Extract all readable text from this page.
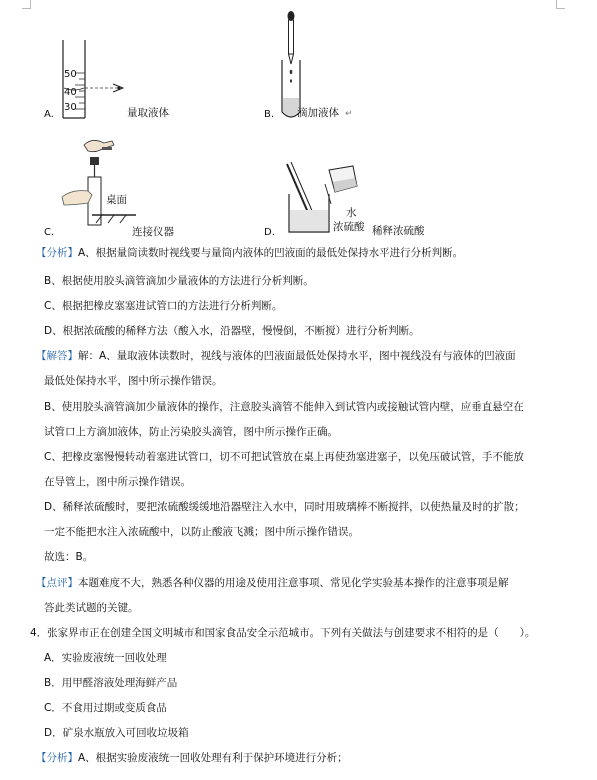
50
40
30
A.	量取液体	B. 滴加液体 ↵
桌面
C.	连接仪器
水
浓硫酸
D.	稀释浓硫酸
【分析】A、根据量筒读数时视线要与量筒内液体的凹液面的最低处保持水平进行分析判断。
B、根据使用胶头滴管滴加少量液体的方法进行分析判断。
C、根据把橡皮塞塞进试管口的方法进行分析判断。
D、根据浓硫酸的稀释方法（酸入水，沿器壁，慢慢倒，不断搅）进行分析判断。
【解答】解：A、量取液体读数时，视线与液体的凹液面最低处保持水平，图中视线没有与液体的凹液面
最低处保持水平，图中所示操作错误。
B、使用胶头滴管滴加少量液体的操作，注意胶头滴管不能伸入到试管内或接触试管内壁，应垂直悬空在
试管口上方滴加液体，防止污染胶头滴管，图中所示操作正确。
C、把橡皮塞慢慢转动着塞进试管口，切不可把试管放在桌上再使劲塞进塞子，以免压破试管，手不能放
在导管上，图中所示操作错误。
D、稀释浓硫酸时，要把浓硫酸缓缓地沿器壁注入水中，同时用玻璃棒不断搅拌，以使热量及时的扩散；
一定不能把水注入浓硫酸中，以防止酸液飞溅；图中所示操作错误。
故选：B。
【点评】本题难度不大，熟悉各种仪器的用途及使用注意事项、常见化学实验基本操作的注意事项是解
答此类试题的关键。
4．张家界市正在创建全国文明城市和国家食品安全示范城市。下列有关做法与创建要求不相符的是（　　）。
A．实验废液统一回收处理
B．用甲醛溶液处理海鲜产品
C．不食用过期或变质食品
D．矿泉水瓶放入可回收垃圾箱
【分析】A、根据实验废液统一回收处理有利于保护环境进行分析；
